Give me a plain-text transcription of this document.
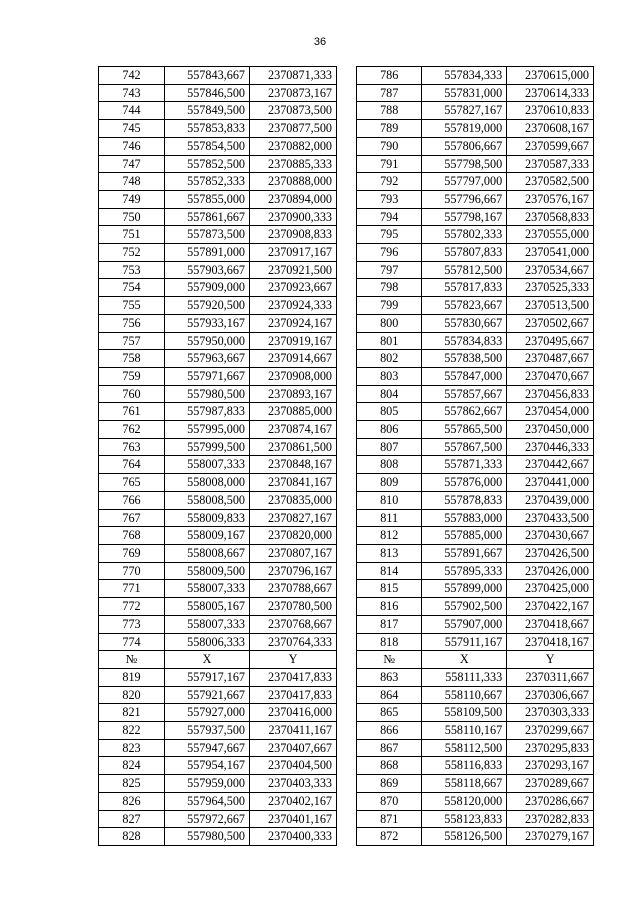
36
742	557843,667	2370871,333
743	557846,500	2370873,167
744	557849,500	2370873,500
745	557853,833	2370877,500
746	557854,500	2370882,000
747	557852,500	2370885,333
748	557852,333	2370888,000
749	557855,000	2370894,000
750	557861,667	2370900,333
751	557873,500	2370908,833
752	557891,000	2370917,167
753	557903,667	2370921,500
754	557909,000	2370923,667
755	557920,500	2370924,333
756	557933,167	2370924,167
757	557950,000	2370919,167
758	557963,667	2370914,667
759	557971,667	2370908,000
760	557980,500	2370893,167
761	557987,833	2370885,000
762	557995,000	2370874,167
763	557999,500	2370861,500
764	558007,333	2370848,167
765	558008,000	2370841,167
766	558008,500	2370835,000
767	558009,833	2370827,167
768	558009,167	2370820,000
769	558008,667	2370807,167
770	558009,500	2370796,167
771	558007,333	2370788,667
772	558005,167	2370780,500
773	558007,333	2370768,667
774	558006,333	2370764,333
№	X	Y
819	557917,167	2370417,833
820	557921,667	2370417,833
821	557927,000	2370416,000
822	557937,500	2370411,167
823	557947,667	2370407,667
824	557954,167	2370404,500
825	557959,000	2370403,333
826	557964,500	2370402,167
827	557972,667	2370401,167
828	557980,500	2370400,333
786	557834,333	2370615,000
787	557831,000	2370614,333
788	557827,167	2370610,833
789	557819,000	2370608,167
790	557806,667	2370599,667
791	557798,500	2370587,333
792	557797,000	2370582,500
793	557796,667	2370576,167
794	557798,167	2370568,833
795	557802,333	2370555,000
796	557807,833	2370541,000
797	557812,500	2370534,667
798	557817,833	2370525,333
799	557823,667	2370513,500
800	557830,667	2370502,667
801	557834,833	2370495,667
802	557838,500	2370487,667
803	557847,000	2370470,667
804	557857,667	2370456,833
805	557862,667	2370454,000
806	557865,500	2370450,000
807	557867,500	2370446,333
808	557871,333	2370442,667
809	557876,000	2370441,000
810	557878,833	2370439,000
811	557883,000	2370433,500
812	557885,000	2370430,667
813	557891,667	2370426,500
814	557895,333	2370426,000
815	557899,000	2370425,000
816	557902,500	2370422,167
817	557907,000	2370418,667
818	557911,167	2370418,167
№	X	Y
863	558111,333	2370311,667
864	558110,667	2370306,667
865	558109,500	2370303,333
866	558110,167	2370299,667
867	558112,500	2370295,833
868	558116,833	2370293,167
869	558118,667	2370289,667
870	558120,000	2370286,667
871	558123,833	2370282,833
872	558126,500	2370279,167
